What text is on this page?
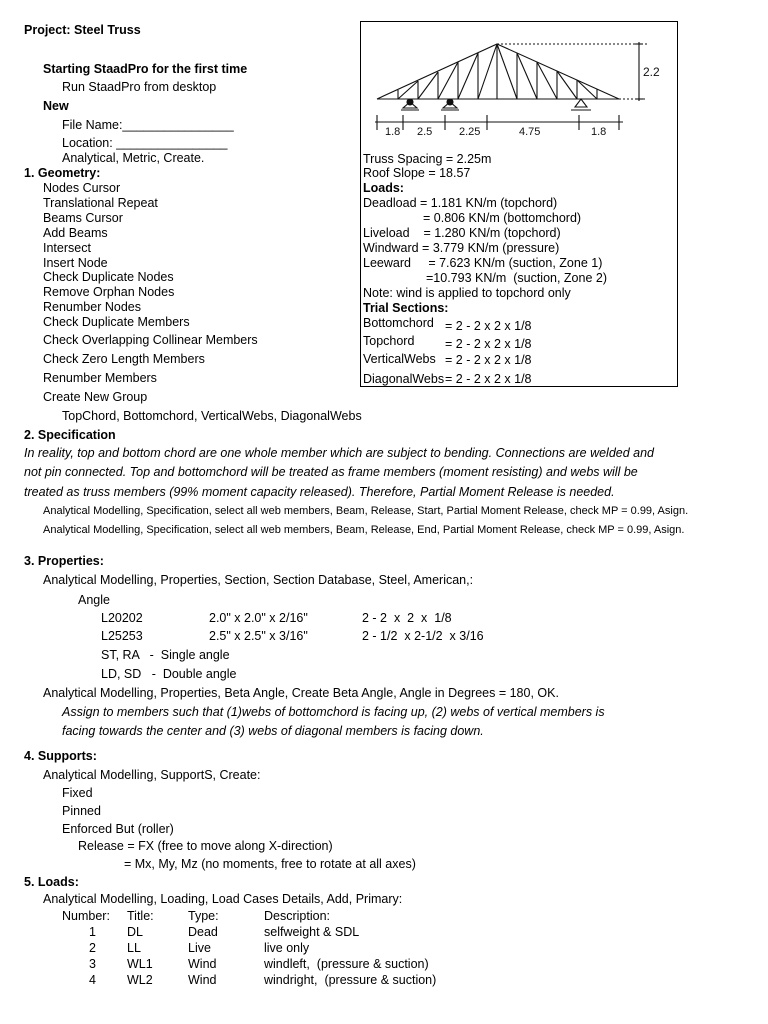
Project: Steel Truss
Starting StaadPro for the first time
Run StaadPro from desktop
New
File Name:________________
Location: ________________
Analytical, Metric, Create.
1. Geometry:
Nodes Cursor
Translational Repeat
Beams Cursor
Add Beams
Intersect
Insert Node
Check Duplicate Nodes
Remove Orphan Nodes
Renumber Nodes
Check Duplicate Members
Check Overlapping Collinear Members
Check Zero Length Members
Renumber Members
Create New Group
TopChord, Bottomchord, VerticalWebs, DiagonalWebs
2.2
1.8 2.5 2.25	4.75	1.8
Truss Spacing = 2.25m
Roof Slope = 18.57
Loads:
Deadload = 1.181 KN/m (topchord)
= 0.806 KN/m (bottomchord)
Liveload    = 1.280 KN/m (topchord)
Windward = 3.779 KN/m (pressure)
Leeward     = 7.623 KN/m (suction, Zone 1)
=10.793 KN/m  (suction, Zone 2)
Note: wind is applied to topchord only
Trial Sections:
Bottomchord = 2 - 2 x 2 x 1/8
Topchord = 2 - 2 x 2 x 1/8
VerticalWebs = 2 - 2 x 2 x 1/8
DiagonalWebs = 2 - 2 x 2 x 1/8
2. Specification
In reality, top and bottom chord are one whole member which are subject to bending. Connections are welded and
not pin connected. Top and bottomchord will be treated as frame members (moment resisting) and webs will be
treated as truss members (99% moment capacity released). Therefore, Partial Moment Release is needed.
Analytical Modelling, Specification, select all web members, Beam, Release, Start, Partial Moment Release, check MP = 0.99, Asign.
Analytical Modelling, Specification, select all web members, Beam, Release, End, Partial Moment Release, check MP = 0.99, Asign.
3. Properties:
Analytical Modelling, Properties, Section, Section Database, Steel, American,:
Angle
L20202	2.0" x 2.0" x 2/16"	2 - 2  x  2  x  1/8
L25253	2.5" x 2.5" x 3/16"	2 - 1/2  x 2-1/2  x 3/16
ST, RA   -  Single angle
LD, SD   -  Double angle
Analytical Modelling, Properties, Beta Angle, Create Beta Angle, Angle in Degrees = 180, OK.
Assign to members such that (1)webs of bottomchord is facing up, (2) webs of vertical members is
facing towards the center and (3) webs of diagonal members is facing down.
4. Supports:
Analytical Modelling, SupportS, Create:
Fixed
Pinned
Enforced But (roller)
Release = FX (free to move along X-direction)
= Mx, My, Mz (no moments, free to rotate at all axes)
5. Loads:
Analytical Modelling, Loading, Load Cases Details, Add, Primary:
Number: Title:	Type:	Description:
1 DL	Dead	selfweight & SDL
2 LL	Live	live only
3 WL1	Wind	windleft,  (pressure & suction)
4 WL2	Wind	windright,  (pressure & suction)
